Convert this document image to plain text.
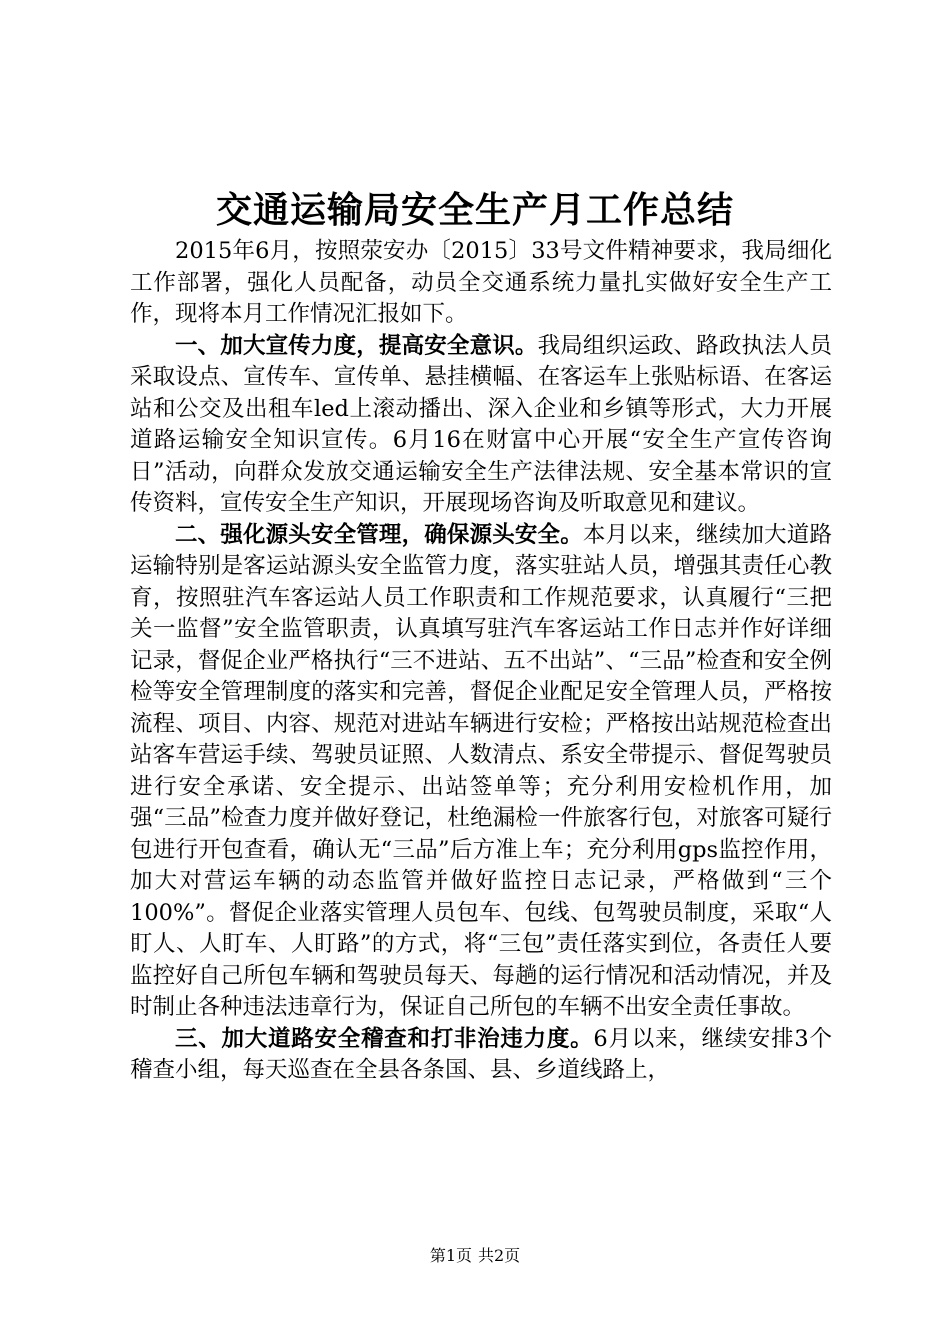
交通运输局安全生产月工作总结

2015年6月，按照荥安办〔2015〕33号文件精神要求，我局细化工作部署，强化人员配备，动员全交通系统力量扎实做好安全生产工作，现将本月工作情况汇报如下。

一、加大宣传力度，提高安全意识。我局组织运政、路政执法人员采取设点、宣传车、宣传单、悬挂横幅、在客运车上张贴标语、在客运站和公交及出租车led上滚动播出、深入企业和乡镇等形式，大力开展道路运输安全知识宣传。6月16在财富中心开展“安全生产宣传咨询日”活动，向群众发放交通运输安全生产法律法规、安全基本常识的宣传资料，宣传安全生产知识，开展现场咨询及听取意见和建议。

二、强化源头安全管理，确保源头安全。本月以来，继续加大道路运输特别是客运站源头安全监管力度，落实驻站人员，增强其责任心教育，按照驻汽车客运站人员工作职责和工作规范要求，认真履行“三把关一监督”安全监管职责，认真填写驻汽车客运站工作日志并作好详细记录，督促企业严格执行“三不进站、五不出站”、“三品”检查和安全例检等安全管理制度的落实和完善，督促企业配足安全管理人员，严格按流程、项目、内容、规范对进站车辆进行安检；严格按出站规范检查出站客车营运手续、驾驶员证照、人数清点、系安全带提示、督促驾驶员进行安全承诺、安全提示、出站签单等；充分利用安检机作用，加强“三品”检查力度并做好登记，杜绝漏检一件旅客行包，对旅客可疑行包进行开包查看，确认无“三品”后方准上车；充分利用gps监控作用，加大对营运车辆的动态监管并做好监控日志记录，严格做到“三个100%”。督促企业落实管理人员包车、包线、包驾驶员制度，采取“人盯人、人盯车、人盯路”的方式，将“三包”责任落实到位，各责任人要监控好自己所包车辆和驾驶员每天、每趟的运行情况和活动情况，并及时制止各种违法违章行为，保证自己所包的车辆不出安全责任事故。

三、加大道路安全稽查和打非治违力度。6月以来，继续安排3个稽查小组，每天巡查在全县各条国、县、乡道线路上，

第1页 共2页
